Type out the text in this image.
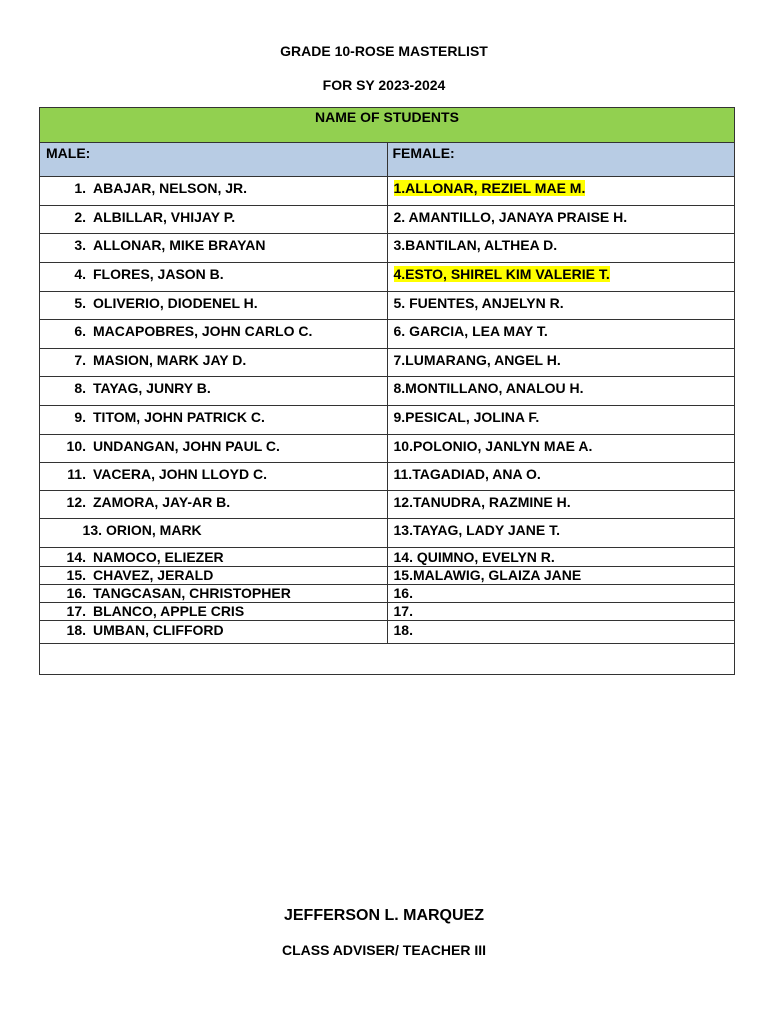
GRADE 10-ROSE MASTERLIST
FOR SY 2023-2024
NAME OF STUDENTS	
MALE:	FEMALE:

1. ABAJAR, NELSON, JR.	1.ALLONAR, REZIEL MAE M.

2. ALBILLAR, VHIJAY P.	2. AMANTILLO, JANAYA PRAISE H.

3. ALLONAR, MIKE BRAYAN	3.BANTILAN, ALTHEA D.

4. FLORES, JASON B.	4.ESTO, SHIREL KIM VALERIE T.

5. OLIVERIO, DIODENEL H.	5. FUENTES, ANJELYN R.

6. MACAPOBRES, JOHN CARLO C.	6. GARCIA, LEA MAY T.

7. MASION, MARK JAY D.	7.LUMARANG, ANGEL H.

8. TAYAG, JUNRY B.	8.MONTILLANO, ANALOU H.

9. TITOM, JOHN PATRICK C.	9.PESICAL, JOLINA F.

10. UNDANGAN, JOHN PAUL C.	10.POLONIO, JANLYN MAE A.

11. VACERA, JOHN LLOYD C.	11.TAGADIAD, ANA O.

12. ZAMORA, JAY-AR B.	12.TANUDRA, RAZMINE H.

13. ORION, MARK	13.TAYAG, LADY JANE T.

14. NAMOCO, ELIEZER	14. QUIMNO, EVELYN R.

15. CHAVEZ, JERALD	15.MALAWIG, GLAIZA JANE

16. TANGCASAN, CHRISTOPHER	16.

17. BLANCO, APPLE CRIS	17.

18. UMBAN, CLIFFORD	18.

JEFFERSON L. MARQUEZ
CLASS ADVISER/ TEACHER III
